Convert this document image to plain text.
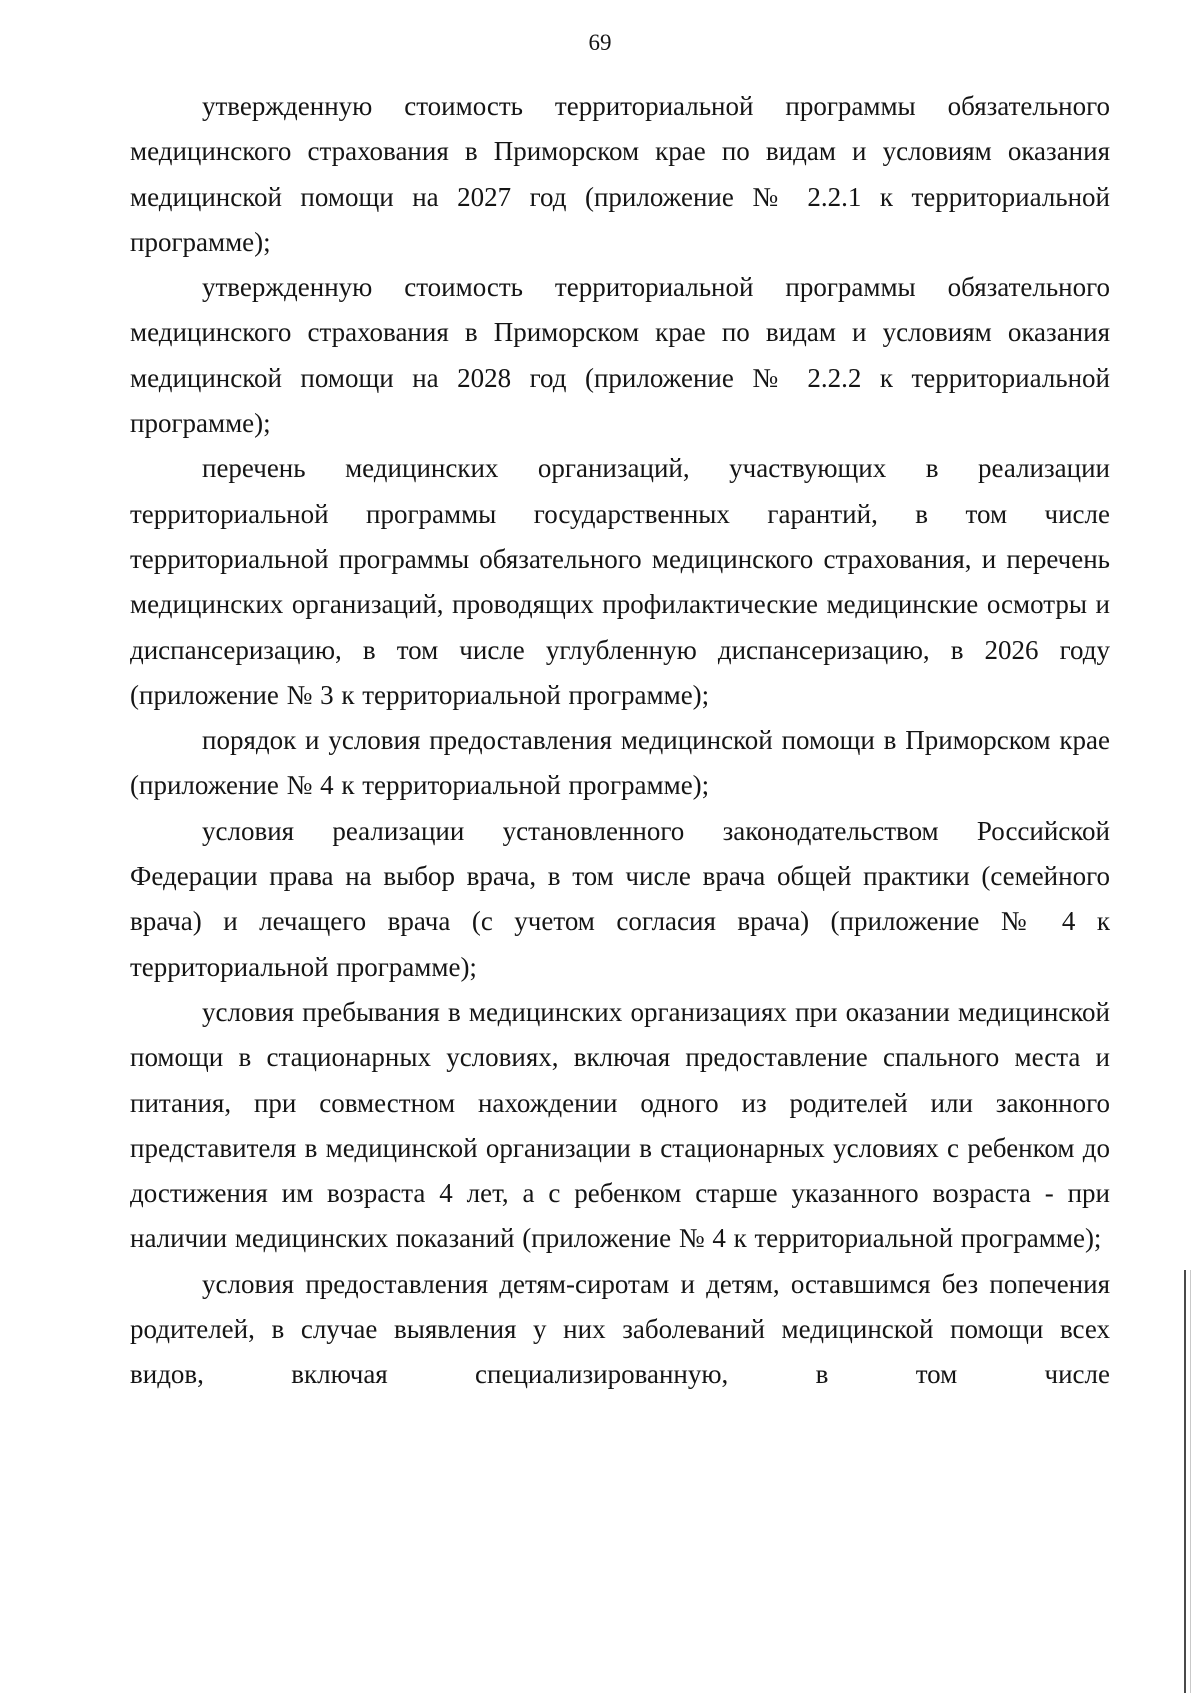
69

утвержденную стоимость территориальной программы обязательного медицинского страхования в Приморском крае по видам и условиям оказания медицинской помощи на 2027 год (приложение № 2.2.1 к территориальной программе);

утвержденную стоимость территориальной программы обязательного медицинского страхования в Приморском крае по видам и условиям оказания медицинской помощи на 2028 год (приложение № 2.2.2 к территориальной программе);

перечень медицинских организаций, участвующих в реализации территориальной программы государственных гарантий, в том числе территориальной программы обязательного медицинского страхования, и перечень медицинских организаций, проводящих профилактические медицинские осмотры и диспансеризацию, в том числе углубленную диспансеризацию, в 2026 году (приложение № 3 к территориальной программе);

порядок и условия предоставления медицинской помощи в Приморском крае (приложение № 4 к территориальной программе);

условия реализации установленного законодательством Российской Федерации права на выбор врача, в том числе врача общей практики (семейного врача) и лечащего врача (с учетом согласия врача) (приложение № 4 к территориальной программе);

условия пребывания в медицинских организациях при оказании медицинской помощи в стационарных условиях, включая предоставление спального места и питания, при совместном нахождении одного из родителей или законного представителя в медицинской организации в стационарных условиях с ребенком до достижения им возраста 4 лет, а с ребенком старше указанного возраста - при наличии медицинских показаний (приложение № 4 к территориальной программе);

условия предоставления детям-сиротам и детям, оставшимся без попечения родителей, в случае выявления у них заболеваний медицинской помощи всех видов, включая специализированную, в том числе
